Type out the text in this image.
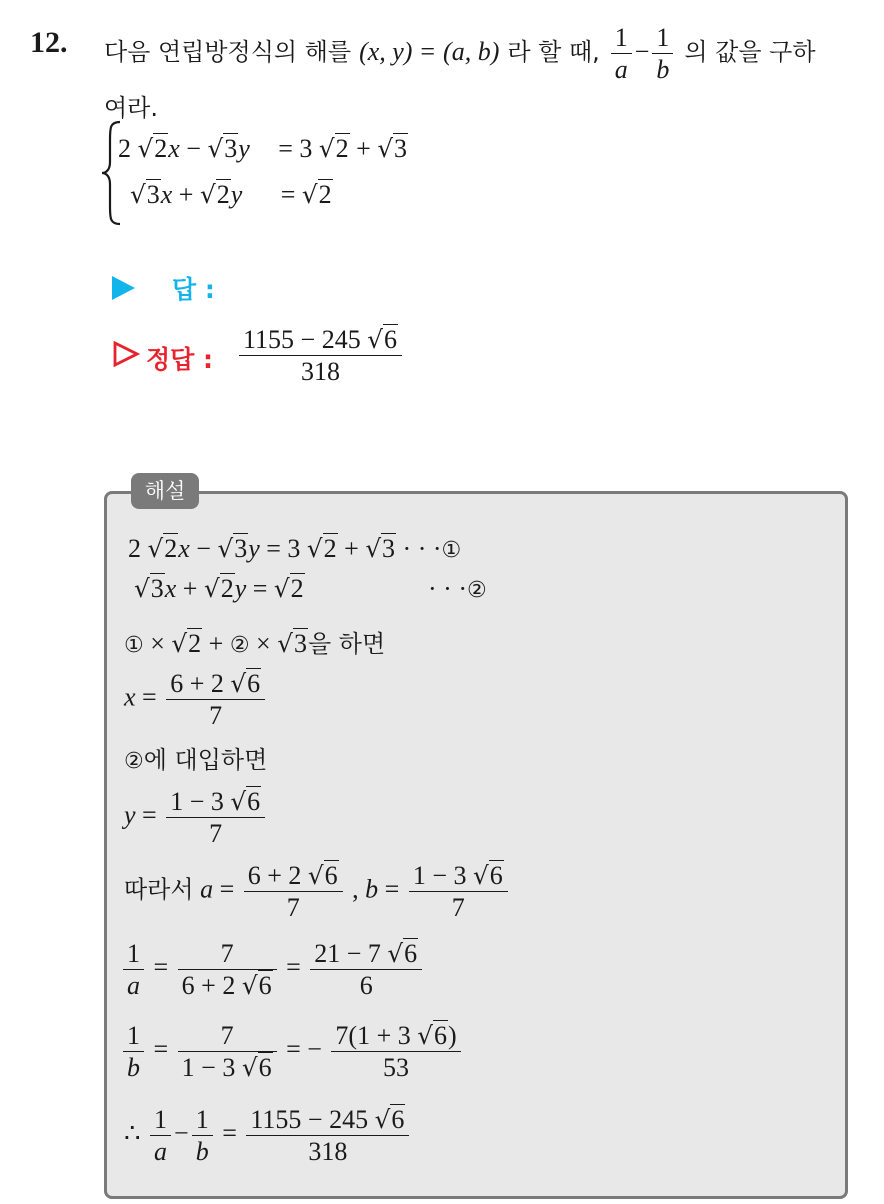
12. 다음 연립방정식의 해를 (x, y) = (a, b) 라 할 때, $\frac{1}{a} - \frac{1}{b}$ 의 값을 구하
여라.
2 √2x − √3y = 3 √2 + √3
√3x + √2y = √2
답 :
정답 : $\frac{1155 - 245 √6}{318}$
해설
2 √2x − √3y = 3 √2 + √3 · · ·①
√3x + √2y = √2	· · ·②
① × √2 + ② × √3을 하면
$x = \frac{6 + 2 √6}{7}$
②에 대입하면
$y = \frac{1 - 3 √6}{7}$
따라서 $a = \frac{6 + 2 √6}{7}$ , $b = \frac{1 - 3 √6}{7}$
$\frac{1}{a} = \frac{7}{6 + 2 √6} = \frac{21 - 7 √6}{6}$
$\frac{1}{b} = \frac{7}{1 - 3 √6}$ = − $\frac{7(1 + 3 √6)}{53}$
∴ $\frac{1}{a} - \frac{1}{b} = \frac{1155 - 245 √6}{318}$
